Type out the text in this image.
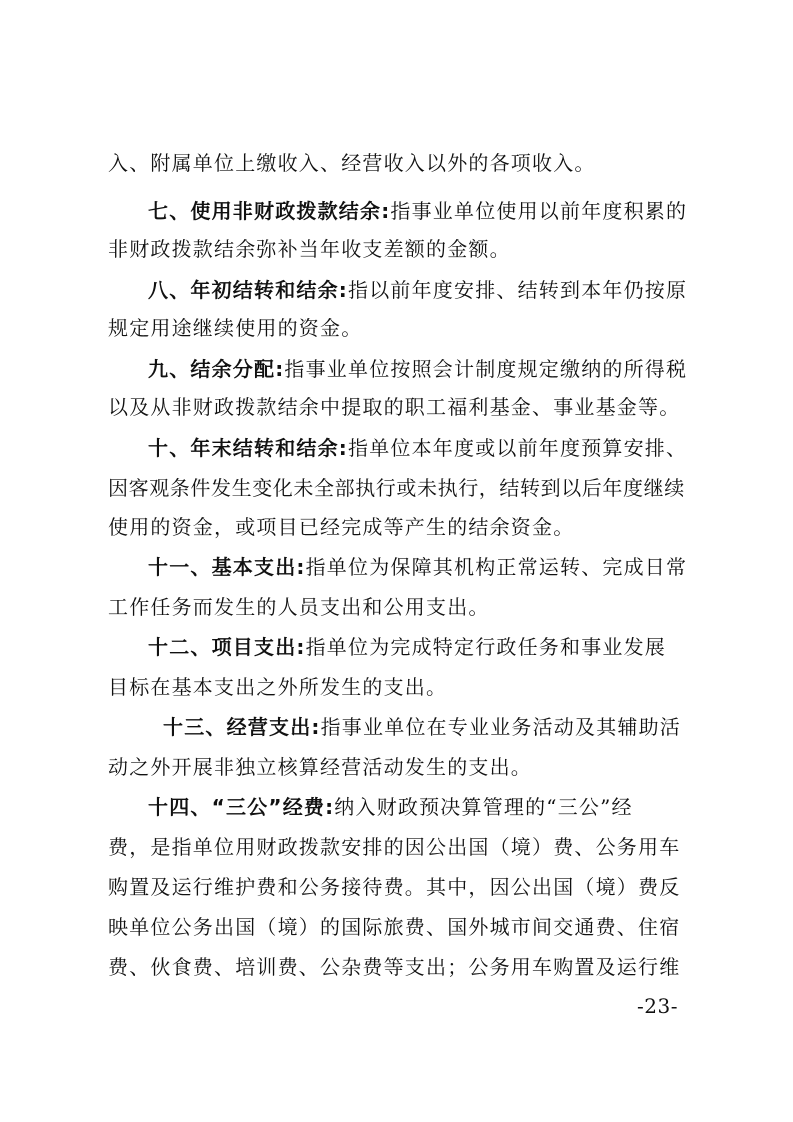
入、附属单位上缴收入、经营收入以外的各项收入。
七、使用非财政拨款结余:指事业单位使用以前年度积累的
非财政拨款结余弥补当年收支差额的金额。
八、年初结转和结余:指以前年度安排、结转到本年仍按原
规定用途继续使用的资金。
九、结余分配:指事业单位按照会计制度规定缴纳的所得税
以及从非财政拨款结余中提取的职工福利基金、事业基金等。
十、年末结转和结余:指单位本年度或以前年度预算安排、
因客观条件发生变化未全部执行或未执行，结转到以后年度继续
使用的资金，或项目已经完成等产生的结余资金。
十一、基本支出:指单位为保障其机构正常运转、完成日常
工作任务而发生的人员支出和公用支出。
十二、项目支出:指单位为完成特定行政任务和事业发展
目标在基本支出之外所发生的支出。
十三、经营支出:指事业单位在专业业务活动及其辅助活
动之外开展非独立核算经营活动发生的支出。
十四、“三公”经费:纳入财政预决算管理的“三公”经
费，是指单位用财政拨款安排的因公出国（境）费、公务用车
购置及运行维护费和公务接待费。其中，因公出国（境）费反
映单位公务出国（境）的国际旅费、国外城市间交通费、住宿
费、伙食费、培训费、公杂费等支出；公务用车购置及运行维
-23-
